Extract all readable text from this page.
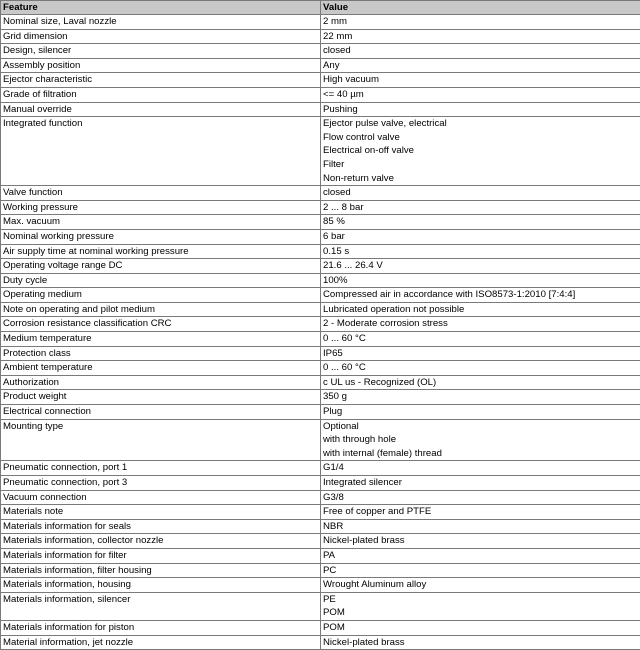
Feature	Value
Nominal size, Laval nozzle	2 mm

Grid dimension	22 mm

Design, silencer	closed

Assembly position	Any

Ejector characteristic	High vacuum

Grade of filtration	<= 40 µm

Manual override	Pushing

Integrated function	Ejector pulse valve, electrical
Flow control valve
Electrical on-off valve
Filter
Non-return valve

Valve function	closed

Working pressure	2 ... 8 bar

Max. vacuum	85 %

Nominal working pressure	6 bar

Air supply time at nominal working pressure	0.15 s

Operating voltage range DC	21.6 ... 26.4 V

Duty cycle	100%

Operating medium	Compressed air in accordance with ISO8573-1:2010 [7:4:4]

Note on operating and pilot medium	Lubricated operation not possible

Corrosion resistance classification CRC	2 - Moderate corrosion stress

Medium temperature	0 ... 60 °C

Protection class	IP65

Ambient temperature	0 ... 60 °C

Authorization	c UL us - Recognized (OL)

Product weight	350 g

Electrical connection	Plug

Mounting type	Optional
with through hole
with internal (female) thread

Pneumatic connection, port 1	G1/4

Pneumatic connection, port 3	Integrated silencer

Vacuum connection	G3/8

Materials note	Free of copper and PTFE

Materials information for seals	NBR

Materials information, collector nozzle	Nickel-plated brass

Materials information for filter	PA

Materials information, filter housing	PC

Materials information, housing	Wrought Aluminum alloy

Materials information, silencer	PE
POM

Materials information for piston	POM

Material information, jet nozzle	Nickel-plated brass
